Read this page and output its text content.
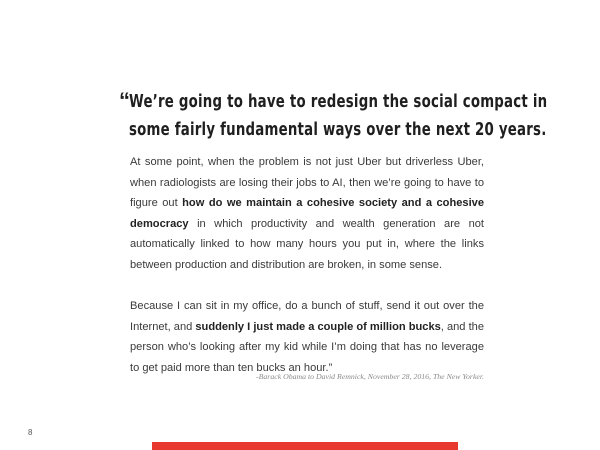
“ We’re going to have to redesign the social compact in
some fairly fundamental ways over the next 20 years.

At some point, when the problem is not just Uber but driverless Uber, when radiologists are losing their jobs to AI, then we’re going to have to figure out how do we maintain a cohesive society and a cohesive democracy in which productivity and wealth generation are not automatically linked to how many hours you put in, where the links between production and distribution are broken, in some sense.

Because I can sit in my office, do a bunch of stuff, send it out over the Internet, and suddenly I just made a couple of million bucks, and the person who’s looking after my kid while I’m doing that has no leverage to get paid more than ten bucks an hour.”

-Barack Obama to David Remnick, November 28, 2016, The New Yorker.
8
